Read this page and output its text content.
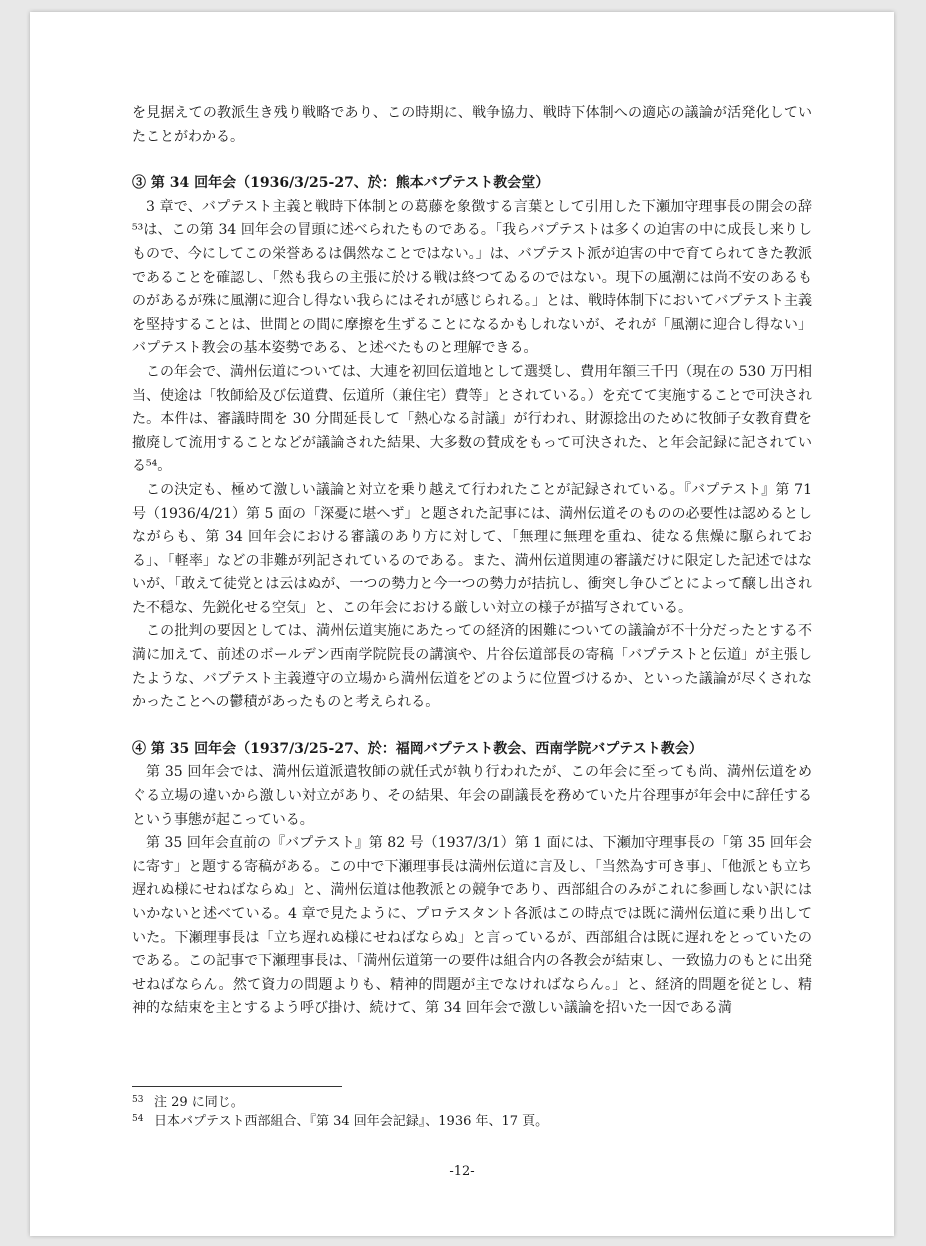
を見据えての教派生き残り戦略であり、この時期に、戦争協力、戦時下体制への適応の議論が活発化していたことがわかる。

③ 第 34 回年会（1936/3/25-27、於：熊本バプテスト教会堂）

3 章で、バプテスト主義と戦時下体制との葛藤を象徴する言葉として引用した下瀬加守理事長の開会の辞⁵³は、この第 34 回年会の冒頭に述べられたものである。「我らバプテストは多くの迫害の中に成長し来りしもので、今にしてこの栄誉あるは偶然なことではない。」は、バプテスト派が迫害の中で育てられてきた教派であることを確認し、「然も我らの主張に於ける戦は終つてゐるのではない。現下の風潮には尚不安のあるものがあるが殊に風潮に迎合し得ない我らにはそれが感じられる。」とは、戦時体制下においてバプテスト主義を堅持することは、世間との間に摩擦を生ずることになるかもしれないが、それが「風潮に迎合し得ない」バプテスト教会の基本姿勢である、と述べたものと理解できる。

この年会で、満州伝道については、大連を初回伝道地として選奨し、費用年額三千円（現在の 530 万円相当、使途は「牧師給及び伝道費、伝道所（兼住宅）費等」とされている。）を充てて実施することで可決された。本件は、審議時間を 30 分間延長して「熱心なる討議」が行われ、財源捻出のために牧師子女教育費を撤廃して流用することなどが議論された結果、大多数の賛成をもって可決された、と年会記録に記されている⁵⁴。

この決定も、極めて激しい議論と対立を乗り越えて行われたことが記録されている。『バプテスト』第 71 号（1936/4/21）第 5 面の「深憂に堪へず」と題された記事には、満州伝道そのものの必要性は認めるとしながらも、第 34 回年会における審議のあり方に対して、「無理に無理を重ね、徒なる焦燥に駆られておる」、「軽率」などの非難が列記されているのである。また、満州伝道関連の審議だけに限定した記述ではないが、「敢えて徒党とは云はぬが、一つの勢力と今一つの勢力が拮抗し、衝突し争ひごとによって醸し出された不穏な、先鋭化せる空気」と、この年会における厳しい対立の様子が描写されている。

この批判の要因としては、満州伝道実施にあたっての経済的困難についての議論が不十分だったとする不満に加えて、前述のボールデン西南学院院長の講演や、片谷伝道部長の寄稿「バプテストと伝道」が主張したような、バプテスト主義遵守の立場から満州伝道をどのように位置づけるか、といった議論が尽くされなかったことへの鬱積があったものと考えられる。

④ 第 35 回年会（1937/3/25-27、於：福岡バプテスト教会、西南学院バプテスト教会）

第 35 回年会では、満州伝道派遣牧師の就任式が執り行われたが、この年会に至っても尚、満州伝道をめぐる立場の違いから激しい対立があり、その結果、年会の副議長を務めていた片谷理事が年会中に辞任するという事態が起こっている。

第 35 回年会直前の『バプテスト』第 82 号（1937/3/1）第 1 面には、下瀬加守理事長の「第 35 回年会に寄す」と題する寄稿がある。この中で下瀬理事長は満州伝道に言及し、「当然為す可き事」、「他派とも立ち遅れぬ様にせねばならぬ」と、満州伝道は他教派との競争であり、西部組合のみがこれに参画しない訳にはいかないと述べている。4 章で見たように、プロテスタント各派はこの時点では既に満州伝道に乗り出していた。下瀬理事長は「立ち遅れぬ様にせねばならぬ」と言っているが、西部組合は既に遅れをとっていたのである。この記事で下瀬理事長は、「満州伝道第一の要件は組合内の各教会が結束し、一致協力のもとに出発せねばならん。然て資力の問題よりも、精神的問題が主でなければならん。」と、経済的問題を従とし、精神的な結束を主とするよう呼び掛け、続けて、第 34 回年会で激しい議論を招いた一因である満

53 注 29 に同じ。
54 日本バプテスト西部組合、『第 34 回年会記録』、1936 年、17 頁。
-12-
